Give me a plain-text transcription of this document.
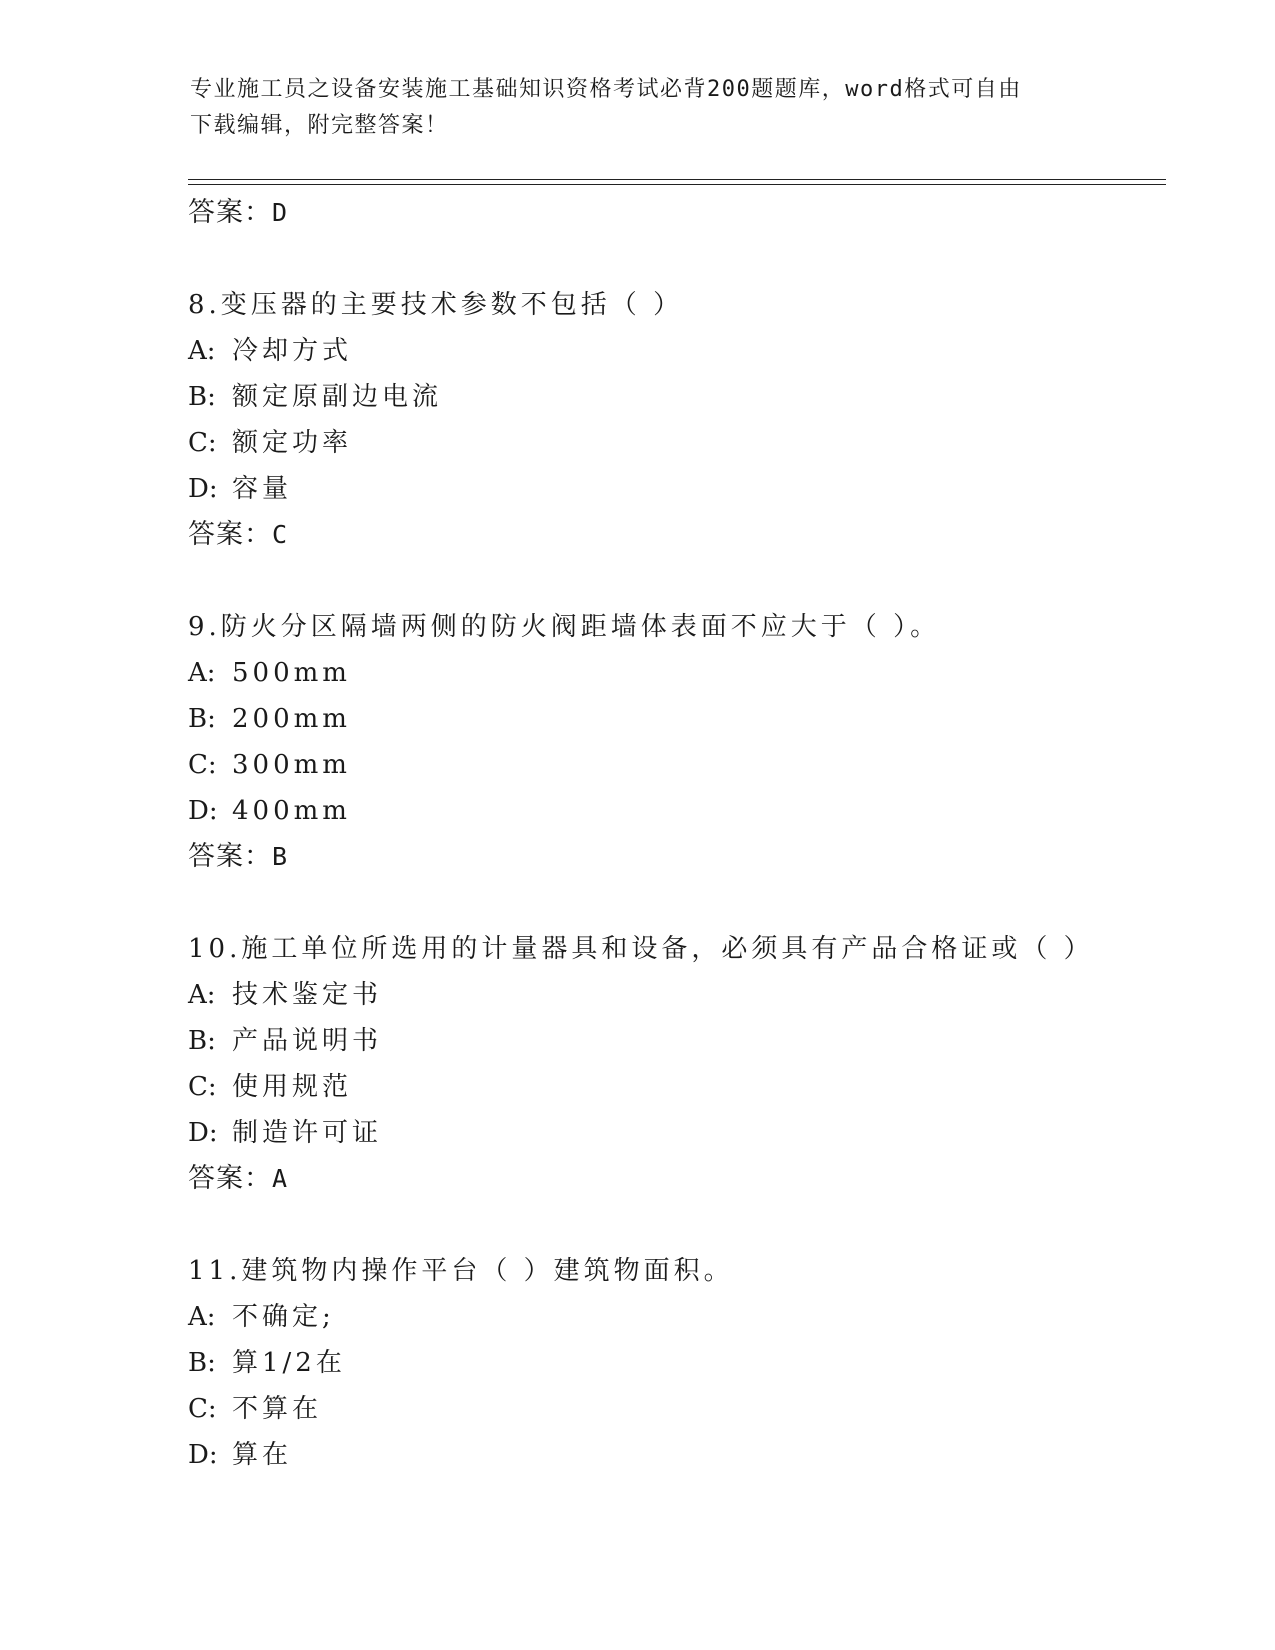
专业施工员之设备安装施工基础知识资格考试必背200题题库，word格式可自由
下载编辑，附完整答案！
答案：D
8.变压器的主要技术参数不包括（ ）
A: 冷却方式
B: 额定原副边电流
C: 额定功率
D: 容量
答案：C
9.防火分区隔墙两侧的防火阀距墙体表面不应大于（ ）。
A: 500mm
B: 200mm
C: 300mm
D: 400mm
答案：B
10.施工单位所选用的计量器具和设备，必须具有产品合格证或（ ）
A: 技术鉴定书
B: 产品说明书
C: 使用规范
D: 制造许可证
答案：A
11.建筑物内操作平台（ ）建筑物面积。
A: 不确定;
B: 算1/2在
C: 不算在
D: 算在
